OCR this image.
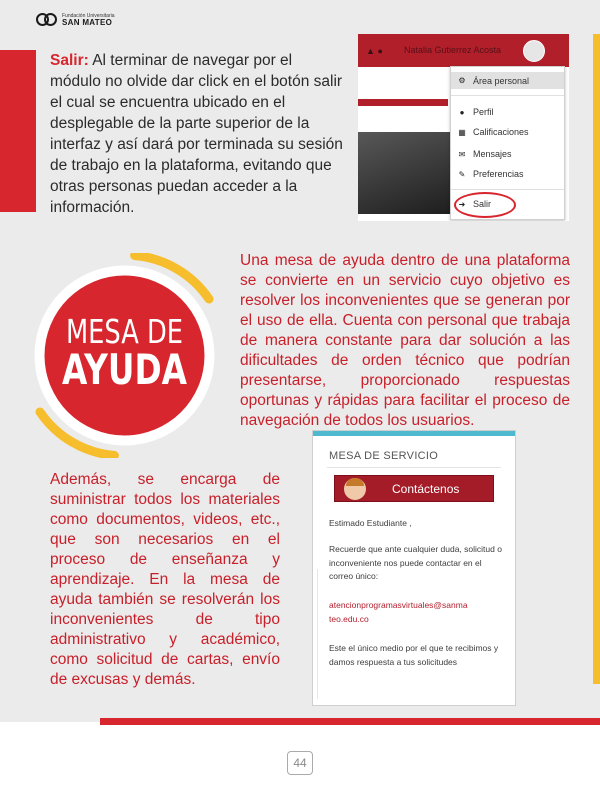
Fundación Universitaria
SAN MATEO
Salir: Al terminar de navegar por el módulo no olvide dar click en el botón salir el cual se encuentra ubicado en el desplegable de la parte superior de la interfaz y así dará por terminada su sesión de trabajo en la plataforma, evitando que otras personas puedan acceder a la información.
▲ ● Natalia Gutierrez Acosta
⚙ Área personal
● Perfil
▦ Calificaciones
✉ Mensajes
✎ Preferencias
➜ Salir
MESA DE
AYUDA
Una mesa de ayuda dentro de una plataforma se convierte en un servicio cuyo objetivo es resolver los inconvenientes que se generan por el uso de ella. Cuenta con personal que trabaja de manera constante para dar solución a las dificultades de orden técnico que podrían presentarse, proporcionado respuestas oportunas y rápidas para facilitar el proceso de navegación de todos los usuarios.
MESA DE SERVICIO
Contáctenos
Estimado Estudiante ,
Recuerde que ante cualquier duda, solicitud o inconveniente nos puede contactar en el correo único:
atencionprogramasvirtuales@sanma
teo.edu.co
Este el único medio por el que te recibimos y damos respuesta a tus solicitudes
Además, se encarga de suministrar todos los materiales como documentos, videos, etc., que son necesarios en el proceso de enseñanza y aprendizaje. En la mesa de ayuda también se resolverán los inconvenientes de tipo administrativo y académico, como solicitud de cartas, envío de excusas y demás.
44
